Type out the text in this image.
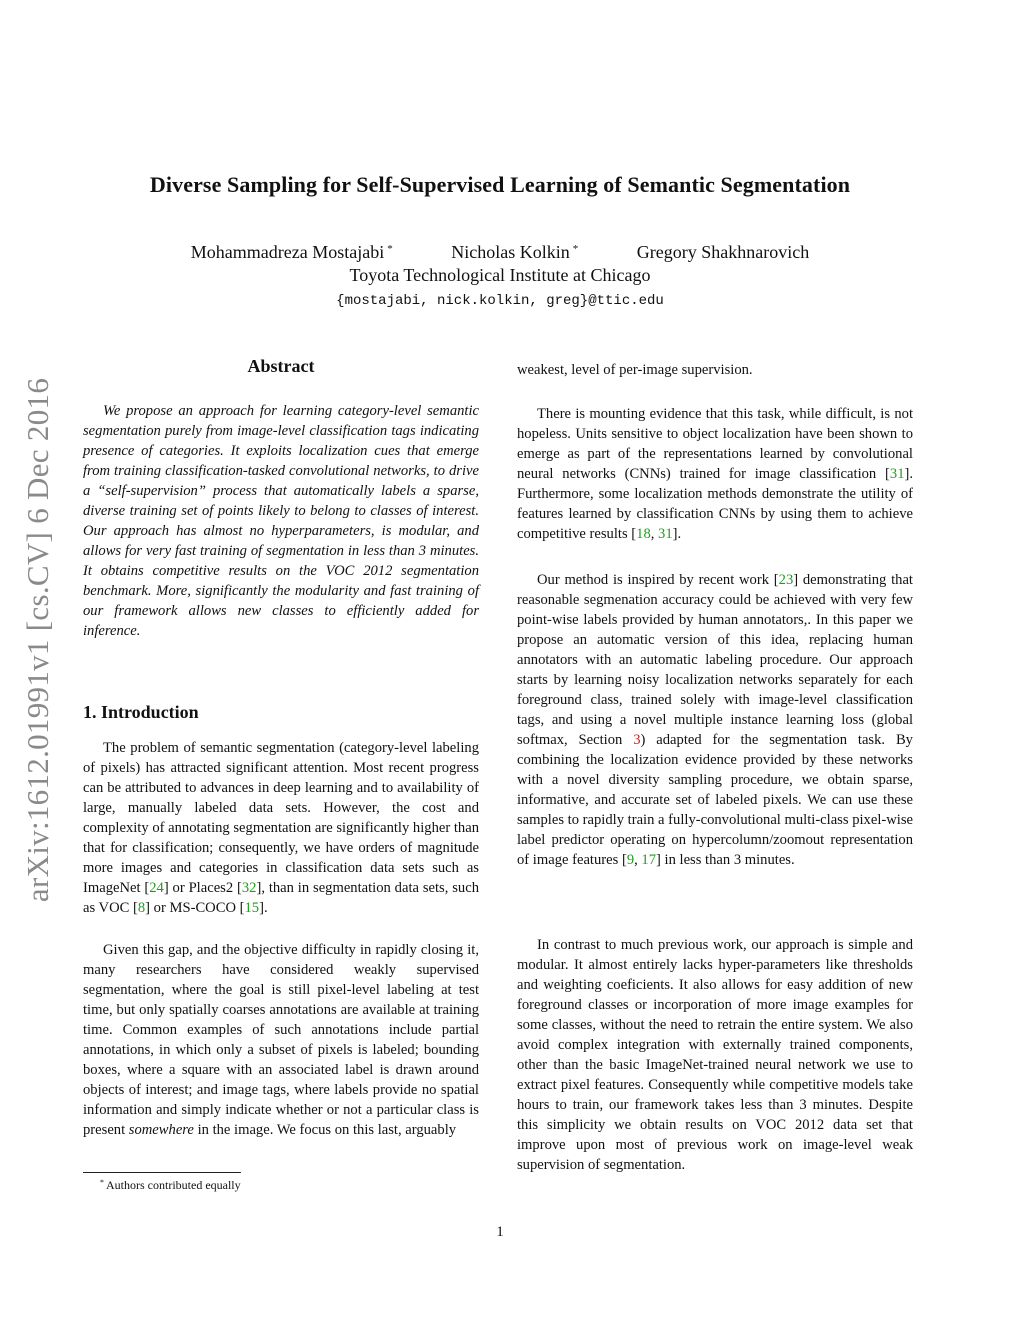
arXiv:1612.01991v1 [cs.CV] 6 Dec 2016
Diverse Sampling for Self-Supervised Learning of Semantic Segmentation
Mohammadreza Mostajabi *	Nicholas Kolkin *	Gregory Shakhnarovich
Toyota Technological Institute at Chicago
{mostajabi, nick.kolkin, greg}@ttic.edu
Abstract

We propose an approach for learning category-level semantic segmentation purely from image-level classification tags indicating presence of categories. It exploits localization cues that emerge from training classification-tasked convolutional networks, to drive a “self-supervision” process that automatically labels a sparse, diverse training set of points likely to belong to classes of interest. Our approach has almost no hyperparameters, is modular, and allows for very fast training of segmentation in less than 3 minutes. It obtains competitive results on the VOC 2012 segmentation benchmark. More, significantly the modularity and fast training of our framework allows new classes to efficiently added for inference.

1. Introduction

The problem of semantic segmentation (category-level labeling of pixels) has attracted significant attention. Most recent progress can be attributed to advances in deep learning and to availability of large, manually labeled data sets. However, the cost and complexity of annotating segmentation are significantly higher than that for classification; consequently, we have orders of magnitude more images and categories in classification data sets such as ImageNet [24] or Places2 [32], than in segmentation data sets, such as VOC [8] or MS-COCO [15].

Given this gap, and the objective difficulty in rapidly closing it, many researchers have considered weakly supervised segmentation, where the goal is still pixel-level labeling at test time, but only spatially coarses annotations are available at training time. Common examples of such annotations include partial annotations, in which only a subset of pixels is labeled; bounding boxes, where a square with an associated label is drawn around objects of interest; and image tags, where labels provide no spatial information and simply indicate whether or not a particular class is present somewhere in the image. We focus on this last, arguably

* Authors contributed equally

weakest, level of per-image supervision.

There is mounting evidence that this task, while difficult, is not hopeless. Units sensitive to object localization have been shown to emerge as part of the representations learned by convolutional neural networks (CNNs) trained for image classification [31]. Furthermore, some localization methods demonstrate the utility of features learned by classification CNNs by using them to achieve competitive results [18, 31].

Our method is inspired by recent work [23] demonstrating that reasonable segmenation accuracy could be achieved with very few point-wise labels provided by human annotators,. In this paper we propose an automatic version of this idea, replacing human annotators with an automatic labeling procedure. Our approach starts by learning noisy localization networks separately for each foreground class, trained solely with image-level classification tags, and using a novel multiple instance learning loss (global softmax, Section 3) adapted for the segmentation task. By combining the localization evidence provided by these networks with a novel diversity sampling procedure, we obtain sparse, informative, and accurate set of labeled pixels. We can use these samples to rapidly train a fully-convolutional multi-class pixel-wise label predictor operating on hypercolumn/zoomout representation of image features [9, 17] in less than 3 minutes.

In contrast to much previous work, our approach is simple and modular. It almost entirely lacks hyper-parameters like thresholds and weighting coeficients. It also allows for easy addition of new foreground classes or incorporation of more image examples for some classes, without the need to retrain the entire system. We also avoid complex integration with externally trained components, other than the basic ImageNet-trained neural network we use to extract pixel features. Consequently while competitive models take hours to train, our framework takes less than 3 minutes. Despite this simplicity we obtain results on VOC 2012 data set that improve upon most of previous work on image-level weak supervision of segmentation.

1
